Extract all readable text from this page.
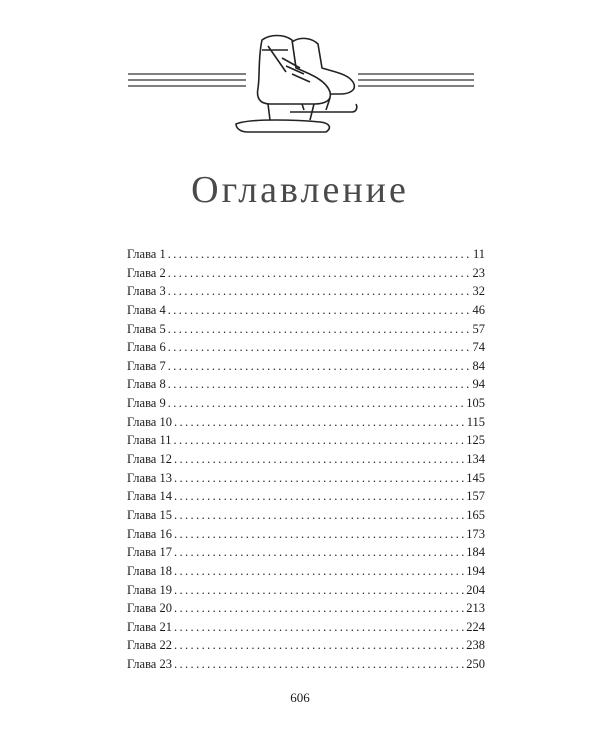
Оглавление
Глава 1 .....	11
Глава 2 .....	23
Глава 3 .....	32
Глава 4 .....	46
Глава 5 .....	57
Глава 6 .....	74
Глава 7 .....	84
Глава 8 .....	94
Глава 9 .....	105
Глава 10 .....	115
Глава 11 .....	125
Глава 12 .....	134
Глава 13 .....	145
Глава 14 .....	157
Глава 15 .....	165
Глава 16 .....	173
Глава 17 .....	184
Глава 18 .....	194
Глава 19 .....	204
Глава 20 .....	213
Глава 21 .....	224
Глава 22 .....	238
Глава 23 .....	250
606
